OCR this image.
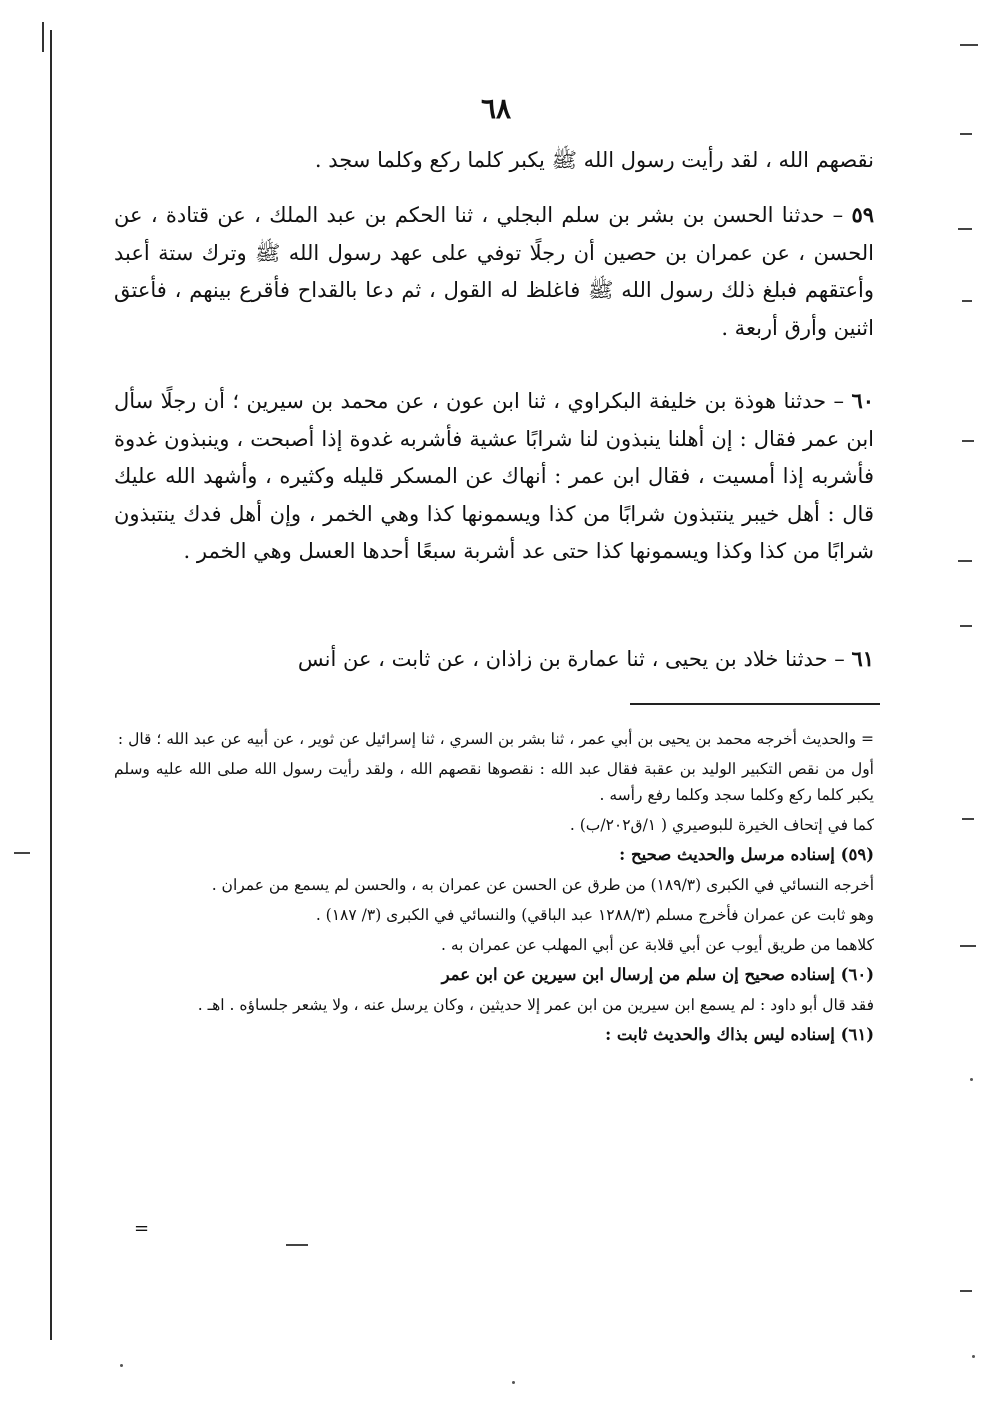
٦٨

نقصهم الله ، لقد رأيت رسول الله ﷺ يكبر كلما ركع وكلما سجد .

٥٩ – حدثنا الحسن بن بشر بن سلم البجلي ، ثنا الحكم بن عبد الملك ، عن قتادة ، عن الحسن ، عن عمران بن حصين أن رجلًا توفي على عهد رسول الله ﷺ وترك ستة أعبد وأعتقهم فبلغ ذلك رسول الله ﷺ فاغلظ له القول ، ثم دعا بالقداح فأقرع بينهم ، فأعتق اثنين وأرق أربعة .

٦٠ – حدثنا هوذة بن خليفة البكراوي ، ثنا ابن عون ، عن محمد بن سيرين ؛ أن رجلًا سأل ابن عمر فقال : إن أهلنا ينبذون لنا شرابًا عشية فأشربه غدوة إذا أصبحت ، وينبذون غدوة فأشربه إذا أمسيت ، فقال ابن عمر : أنهاك عن المسكر قليله وكثيره ، وأشهد الله عليك قال : أهل خيبر ينتبذون شرابًا من كذا ويسمونها كذا وهي الخمر ، وإن أهل فدك ينتبذون شرابًا من كذا وكذا ويسمونها كذا حتى عد أشربة سبعًا أحدها العسل وهي الخمر .

٦١ – حدثنا خلاد بن يحيى ، ثنا عمارة بن زاذان ، عن ثابت ، عن أنس

= والحديث أخرجه محمد بن يحيى بن أبي عمر ، ثنا بشر بن السري ، ثنا إسرائيل عن ثوير ، عن أبيه عن عبد الله ؛ قال :

أول من نقص التكبير الوليد بن عقبة فقال عبد الله : نقصوها نقصهم الله ، ولقد رأيت رسول الله صلى الله عليه وسلم يكبر كلما ركع وكلما سجد وكلما رفع رأسه .

كما في إتحاف الخيرة للبوصيري ( ١/ق٢٠٢/ب) .

(٥٩) إسناده مرسل والحديث صحيح :

أخرجه النسائي في الكبرى (١٨٩/٣) من طرق عن الحسن عن عمران به ، والحسن لم يسمع من عمران .

وهو ثابت عن عمران فأخرج مسلم (١٢٨٨/٣ عبد الباقي) والنسائي في الكبرى (٣/ ١٨٧) .

كلاهما من طريق أيوب عن أبي قلابة عن أبي المهلب عن عمران به .

(٦٠) إسناده صحيح إن سلم من إرسال ابن سيرين عن ابن عمر

فقد قال أبو داود : لم يسمع ابن سيرين من ابن عمر إلا حديثين ، وكان يرسل عنه ، ولا يشعر جلساؤه . اهـ .

(٦١) إسناده ليس بذاك والحديث ثابت :

=
